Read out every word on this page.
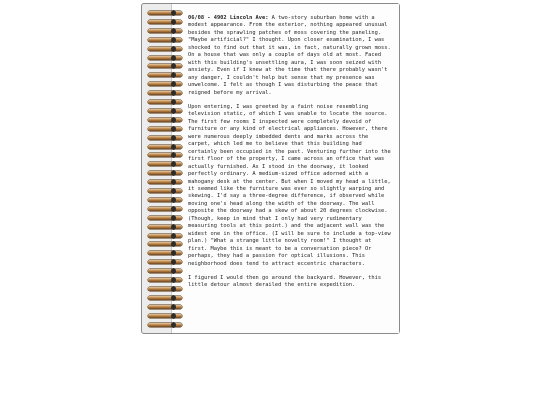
06/08 - 4902 Lincoln Ave: A two-story suburban home with a modest appearance. From the exterior, nothing appeared unusual besides the sprawling patches of moss covering the paneling. "Maybe artificial?" I thought. Upon closer examination, I was shocked to find out that it was, in fact, naturally grown moss. On a house that was only a couple of days old at most. Faced with this building's unsettling aura, I was soon seized with anxiety. Even if I knew at the time that there probably wasn't any danger, I couldn't help but sense that my presence was unwelcome. I felt as though I was disturbing the peace that reigned before my arrival.

Upon entering, I was greeted by a faint noise resembling television static, of which I was unable to locate the source. The first few rooms I inspected were completely devoid of furniture or any kind of electrical appliances. However, there were numerous deeply imbedded dents and marks across the carpet, which led me to believe that this building had certainly been occupied in the past. Venturing further into the first floor of the property, I came across an office that was actually furnished. As I stood in the doorway, it looked perfectly ordinary. A medium-sized office adorned with a mahogany desk at the center. But when I moved my head a little, it seemed like the furniture was ever so slightly warping and skewing. I'd say a three-degree difference, if observed while moving one's head along the width of the doorway. The wall opposite the doorway had a skew of about 20 degrees clockwise. (Though, keep in mind that I only had very rudimentary measuring tools at this point.) and the adjacent wall was the widest one in the office. (I will be sure to include a top-view plan.) "What a strange little novelty room!" I thought at first. Maybe this is meant to be a conversation piece? Or perhaps, they had a passion for optical illusions. This neighborhood does tend to attract eccentric characters.

I figured I would then go around the backyard. However, this little detour almost derailed the entire expedition.
